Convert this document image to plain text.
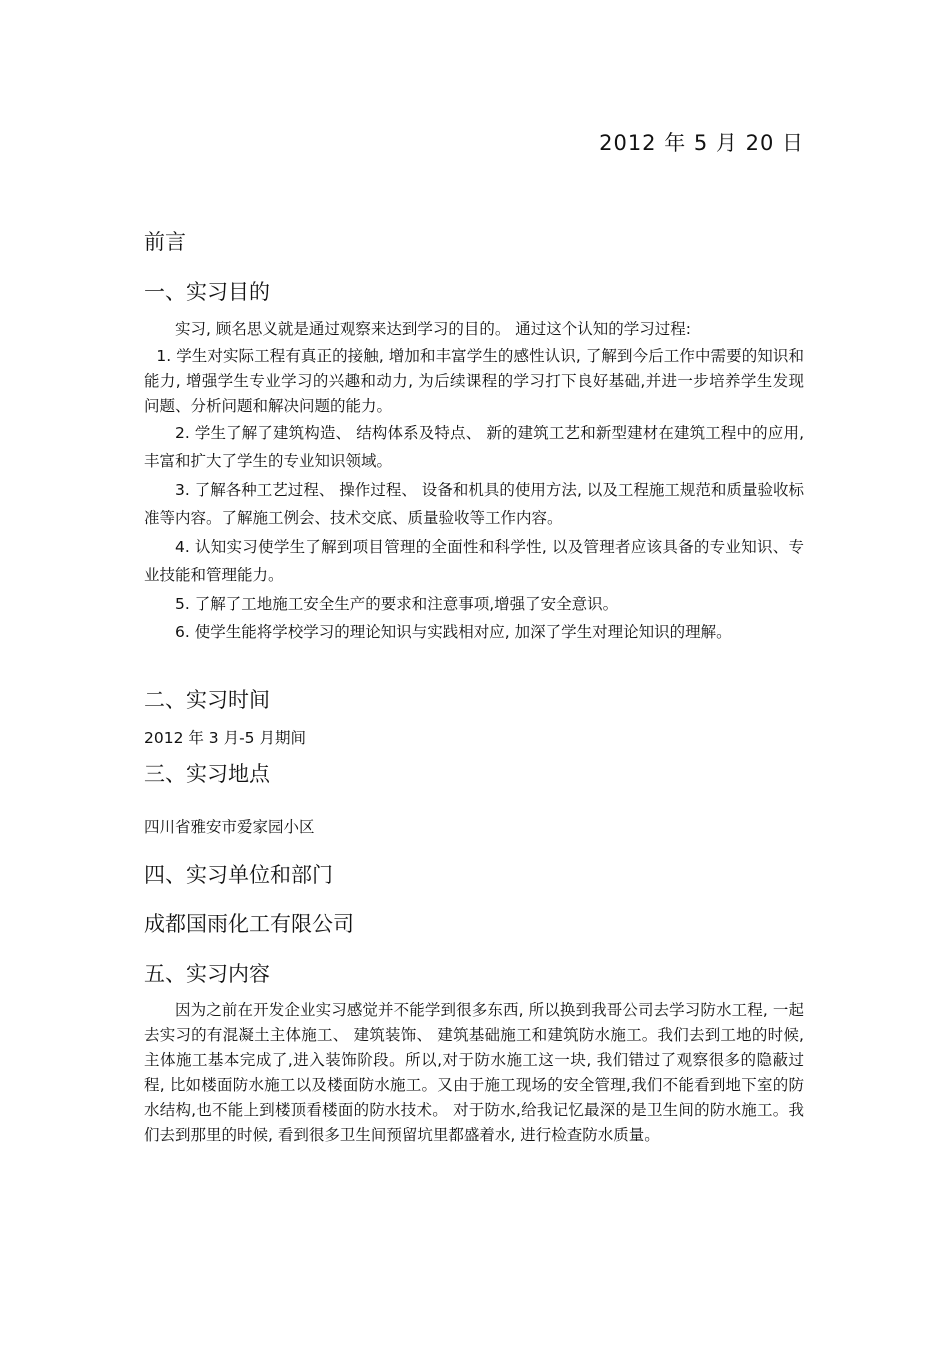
2012 年 5 月 20 日
前言
一、实习目的

实习, 顾名思义就是通过观察来达到学习的目的。 通过这个认知的学习过程:

1. 学生对实际工程有真正的接触, 增加和丰富学生的感性认识, 了解到今后工作中需要的知识和能力, 增强学生专业学习的兴趣和动力, 为后续课程的学习打下良好基础,并进一步培养学生发现问题、分析问题和解决问题的能力。

2. 学生了解了建筑构造、 结构体系及特点、 新的建筑工艺和新型建材在建筑工程中的应用,丰富和扩大了学生的专业知识领域。

3. 了解各种工艺过程、 操作过程、 设备和机具的使用方法, 以及工程施工规范和质量验收标准等内容。了解施工例会、技术交底、质量验收等工作内容。

4. 认知实习使学生了解到项目管理的全面性和科学性, 以及管理者应该具备的专业知识、专业技能和管理能力。

5. 了解了工地施工安全生产的要求和注意事项,增强了安全意识。

6. 使学生能将学校学习的理论知识与实践相对应, 加深了学生对理论知识的理解。

二、实习时间
2012 年 3 月-5 月期间
三、实习地点
四川省雅安市爱家园小区
四、实习单位和部门
成都国雨化工有限公司
五、实习内容

因为之前在开发企业实习感觉并不能学到很多东西, 所以换到我哥公司去学习防水工程, 一起去实习的有混凝土主体施工、 建筑装饰、 建筑基础施工和建筑防水施工。我们去到工地的时候,主体施工基本完成了,进入装饰阶段。所以,对于防水施工这一块, 我们错过了观察很多的隐蔽过程, 比如楼面防水施工以及楼面防水施工。又由于施工现场的安全管理,我们不能看到地下室的防水结构,也不能上到楼顶看楼面的防水技术。 对于防水,给我记忆最深的是卫生间的防水施工。我们去到那里的时候, 看到很多卫生间预留坑里都盛着水, 进行检查防水质量。
